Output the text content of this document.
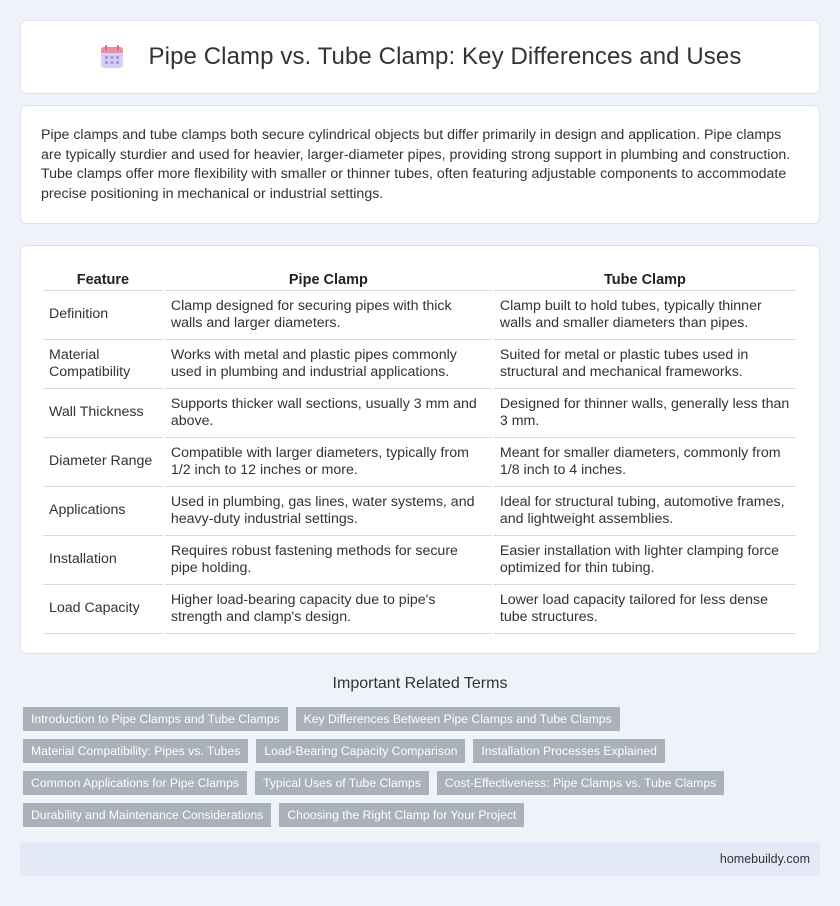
Pipe Clamp vs. Tube Clamp: Key Differences and Uses

Pipe clamps and tube clamps both secure cylindrical objects but differ primarily in design and application. Pipe clamps are typically sturdier and used for heavier, larger-diameter pipes, providing strong support in plumbing and construction. Tube clamps offer more flexibility with smaller or thinner tubes, often featuring adjustable components to accommodate precise positioning in mechanical or industrial settings.

Feature	Pipe Clamp	Tube Clamp
Definition	Clamp designed for securing pipes with thick walls and larger diameters.	Clamp built to hold tubes, typically thinner walls and smaller diameters than pipes.
Material Compatibility	Works with metal and plastic pipes commonly used in plumbing and industrial applications.	Suited for metal or plastic tubes used in structural and mechanical frameworks.
Wall Thickness	Supports thicker wall sections, usually 3 mm and above.	Designed for thinner walls, generally less than 3 mm.
Diameter Range	Compatible with larger diameters, typically from 1/2 inch to 12 inches or more.	Meant for smaller diameters, commonly from 1/8 inch to 4 inches.
Applications	Used in plumbing, gas lines, water systems, and heavy-duty industrial settings.	Ideal for structural tubing, automotive frames, and lightweight assemblies.
Installation	Requires robust fastening methods for secure pipe holding.	Easier installation with lighter clamping force optimized for thin tubing.
Load Capacity	Higher load-bearing capacity due to pipe's strength and clamp's design.	Lower load capacity tailored for less dense tube structures.
Important Related Terms
Introduction to Pipe Clamps and Tube Clamps	Key Differences Between Pipe Clamps and Tube Clamps
Material Compatibility: Pipes vs. Tubes	Load-Bearing Capacity Comparison	Installation Processes Explained
Common Applications for Pipe Clamps	Typical Uses of Tube Clamps	Cost-Effectiveness: Pipe Clamps vs. Tube Clamps
Durability and Maintenance Considerations	Choosing the Right Clamp for Your Project
homebuildy.com
